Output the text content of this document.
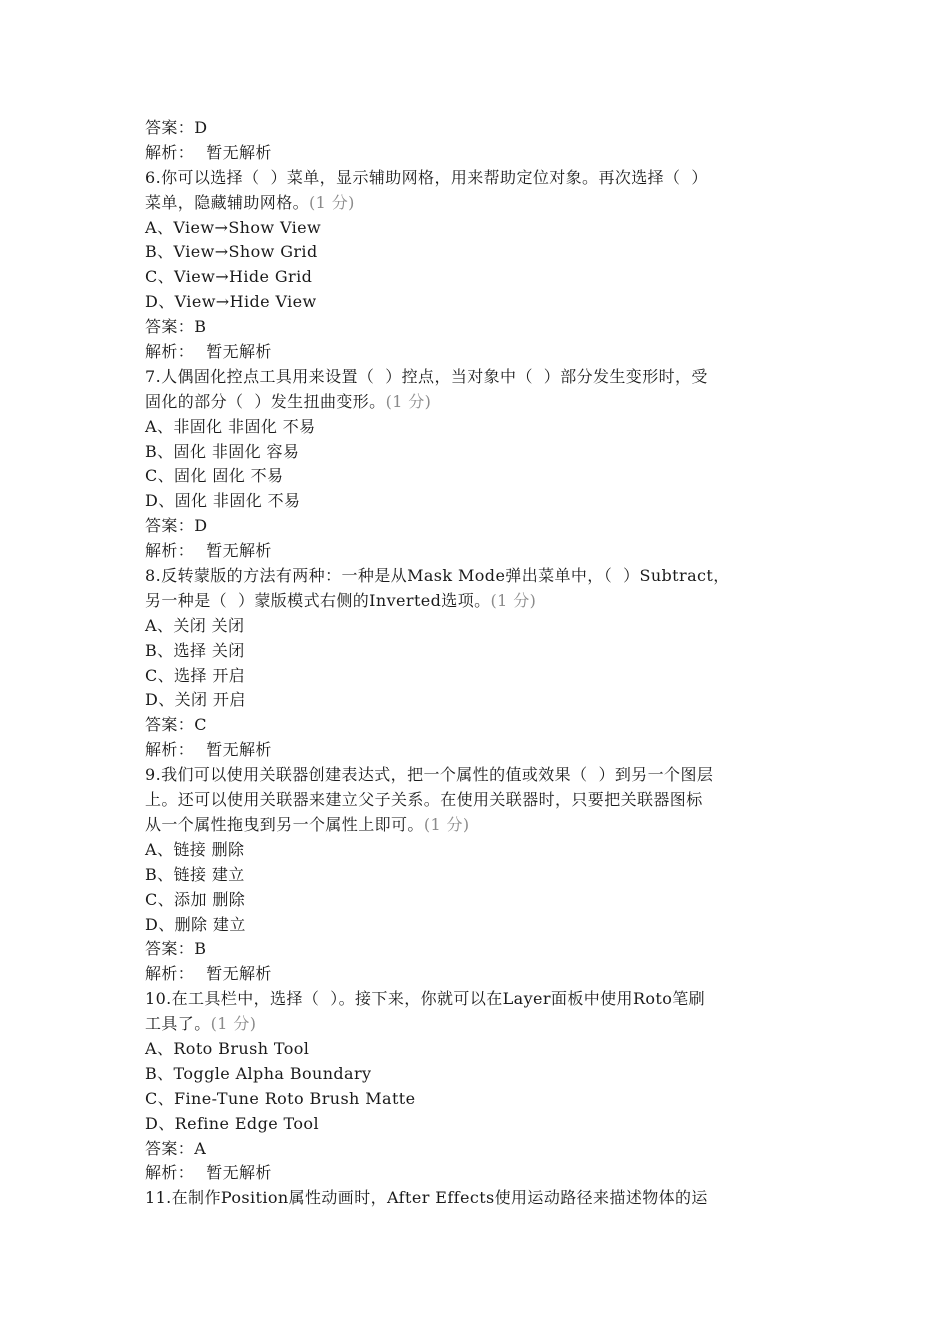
答案：D
解析： 暂无解析
6.你可以选择（  ）菜单，显示辅助网格，用来帮助定位对象。再次选择（  ）
菜单，隐藏辅助网格。(1 分)
A、View→Show View
B、View→Show Grid
C、View→Hide Grid
D、View→Hide View
答案：B
解析： 暂无解析
7.人偶固化控点工具用来设置（  ）控点，当对象中（  ）部分发生变形时，受
固化的部分（  ）发生扭曲变形。(1 分)
A、非固化 非固化 不易
B、固化 非固化 容易
C、固化 固化 不易
D、固化 非固化 不易
答案：D
解析： 暂无解析
8.反转蒙版的方法有两种：一种是从Mask Mode弹出菜单中，（  ）Subtract，
另一种是（  ）蒙版模式右侧的Inverted选项。(1 分)
A、关闭 关闭
B、选择 关闭
C、选择 开启
D、关闭 开启
答案：C
解析： 暂无解析
9.我们可以使用关联器创建表达式，把一个属性的值或效果（  ）到另一个图层
上。还可以使用关联器来建立父子关系。在使用关联器时，只要把关联器图标
从一个属性拖曳到另一个属性上即可。(1 分)
A、链接 删除
B、链接 建立
C、添加 删除
D、删除 建立
答案：B
解析： 暂无解析
10.在工具栏中，选择（  ）。接下来，你就可以在Layer面板中使用Roto笔刷
工具了。(1 分)
A、Roto Brush Tool
B、Toggle Alpha Boundary
C、Fine-Tune Roto Brush Matte
D、Refine Edge Tool
答案：A
解析： 暂无解析
11.在制作Position属性动画时，After Effects使用运动路径来描述物体的运
